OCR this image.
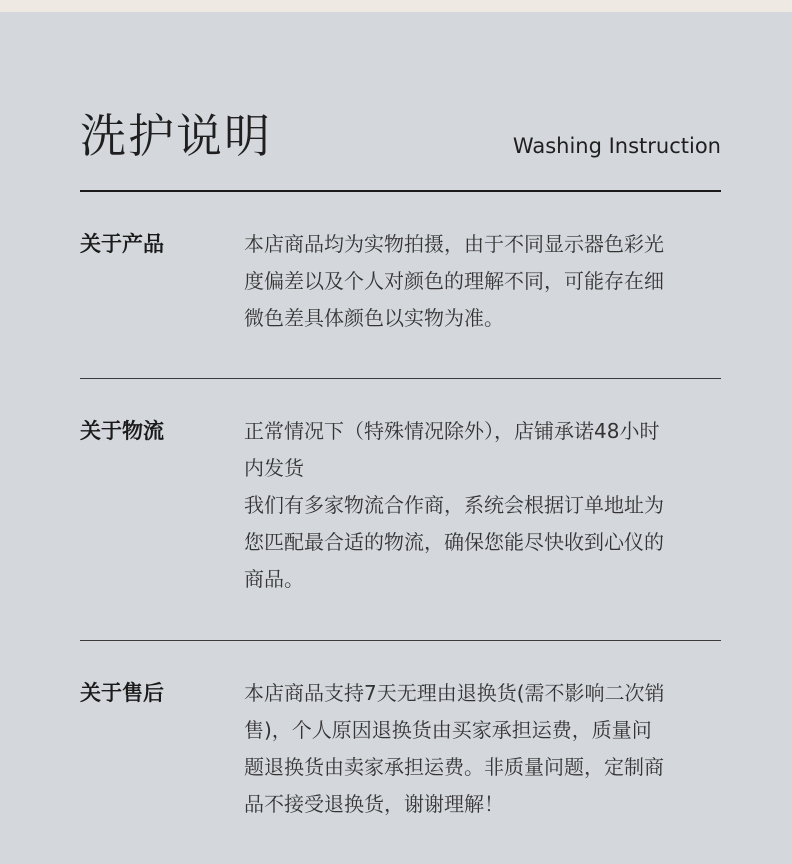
洗护说明	Washing Instruction
关于产品	本店商品均为实物拍摄，由于不同显示器色彩光
度偏差以及个人对颜色的理解不同，可能存在细
微色差具体颜色以实物为准。
关于物流	正常情况下（特殊情况除外），店铺承诺48小时
内发货
我们有多家物流合作商，系统会根据订单地址为
您匹配最合适的物流，确保您能尽快收到心仪的
商品。
关于售后	本店商品支持7天无理由退换货(需不影响二次销
售)，个人原因退换货由买家承担运费，质量问
题退换货由卖家承担运费。非质量问题，定制商
品不接受退换货，谢谢理解！
